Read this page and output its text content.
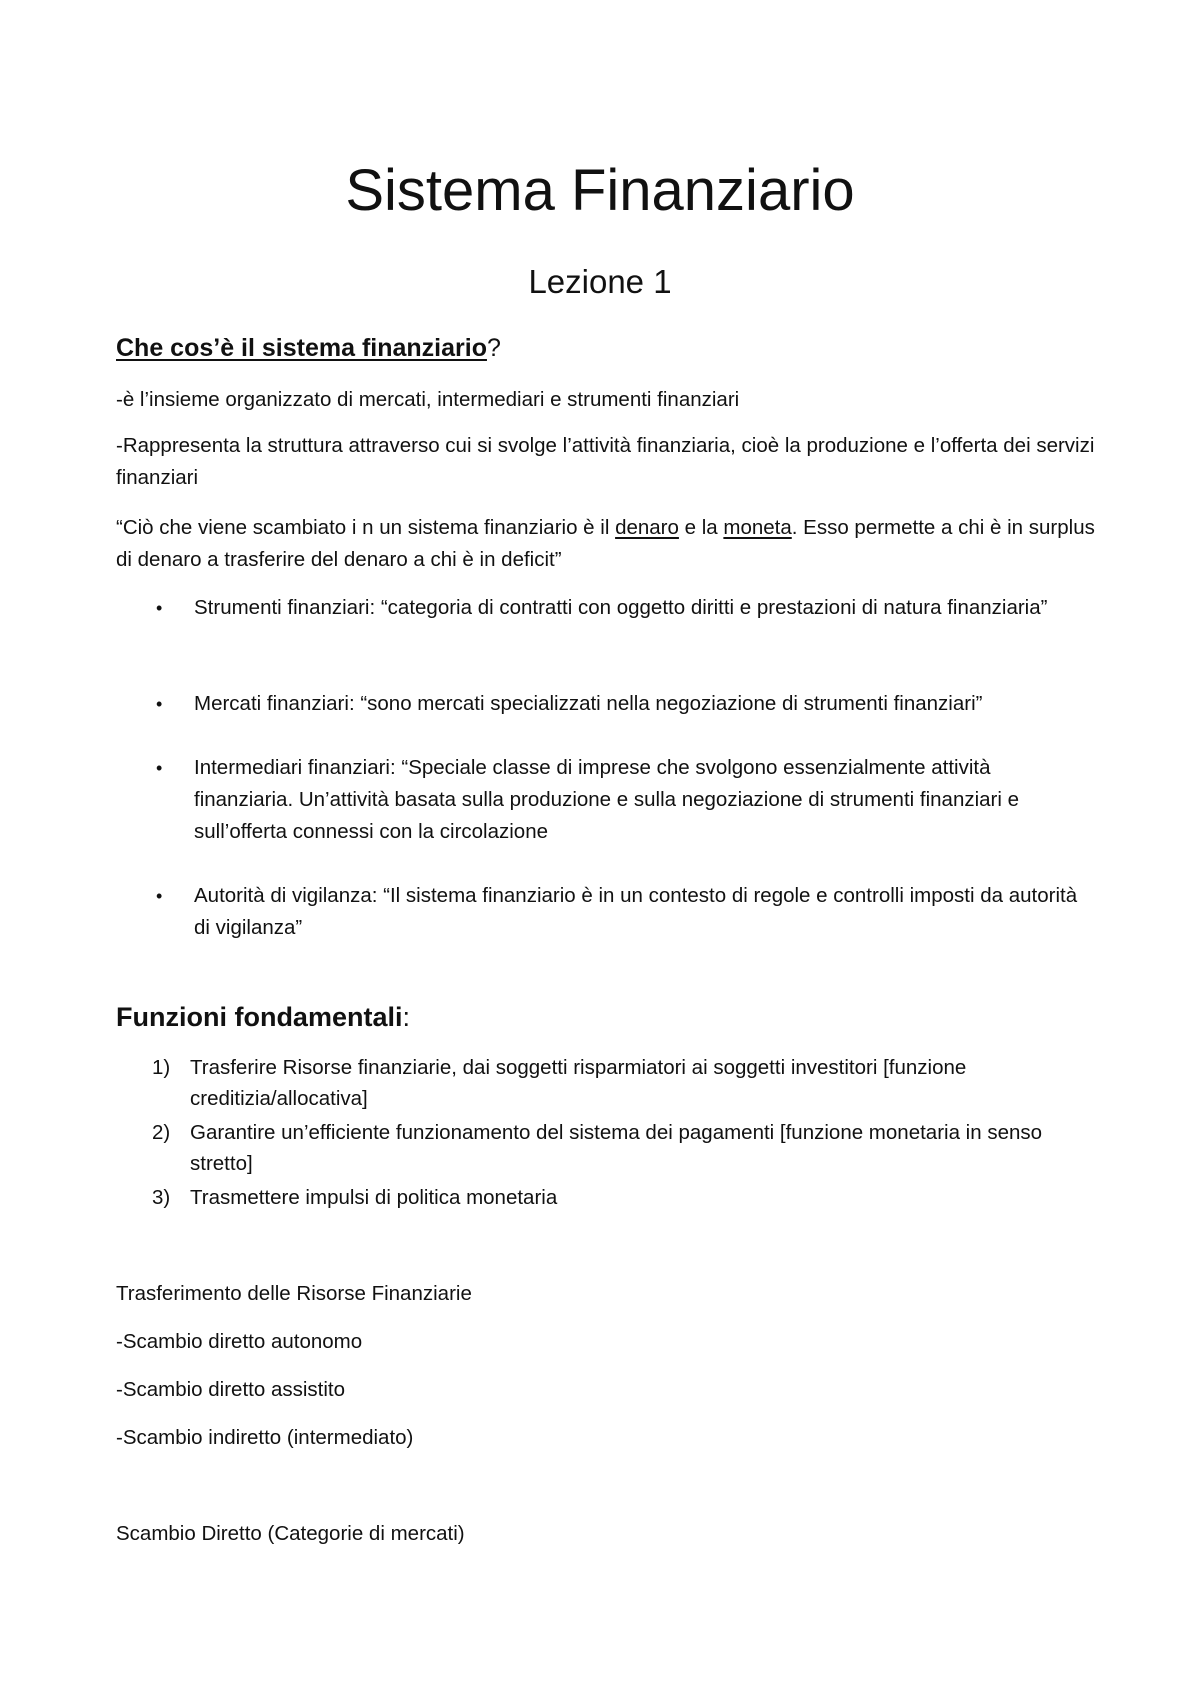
Sistema Finanziario
Lezione 1
Che cos’è il sistema finanziario?
-è l’insieme organizzato di mercati, intermediari e strumenti finanziari
-Rappresenta la struttura attraverso cui si svolge l’attività finanziaria, cioè la produzione e l’offerta dei servizi finanziari
“Ciò che viene scambiato i n un sistema finanziario è il denaro e la moneta. Esso permette a chi è in surplus di denaro a trasferire del denaro a chi è in deficit”
• Strumenti finanziari: “categoria di contratti con oggetto diritti e prestazioni di natura finanziaria”
• Mercati finanziari: “sono mercati specializzati nella negoziazione di strumenti finanziari”
• Intermediari finanziari: “Speciale classe di imprese che svolgono essenzialmente attività finanziaria. Un’attività basata sulla produzione e sulla negoziazione di strumenti finanziari e sull’offerta connessi con la circolazione
• Autorità di vigilanza: “Il sistema finanziario è in un contesto di regole e controlli imposti da autorità di vigilanza”
Funzioni fondamentali:
1) Trasferire Risorse finanziarie, dai soggetti risparmiatori ai soggetti investitori [funzione creditizia/allocativa]
2) Garantire un’efficiente funzionamento del sistema dei pagamenti [funzione monetaria in senso stretto]
3) Trasmettere impulsi di politica monetaria
Trasferimento delle Risorse Finanziarie
-Scambio diretto autonomo
-Scambio diretto assistito
-Scambio indiretto (intermediato)
Scambio Diretto (Categorie di mercati)
